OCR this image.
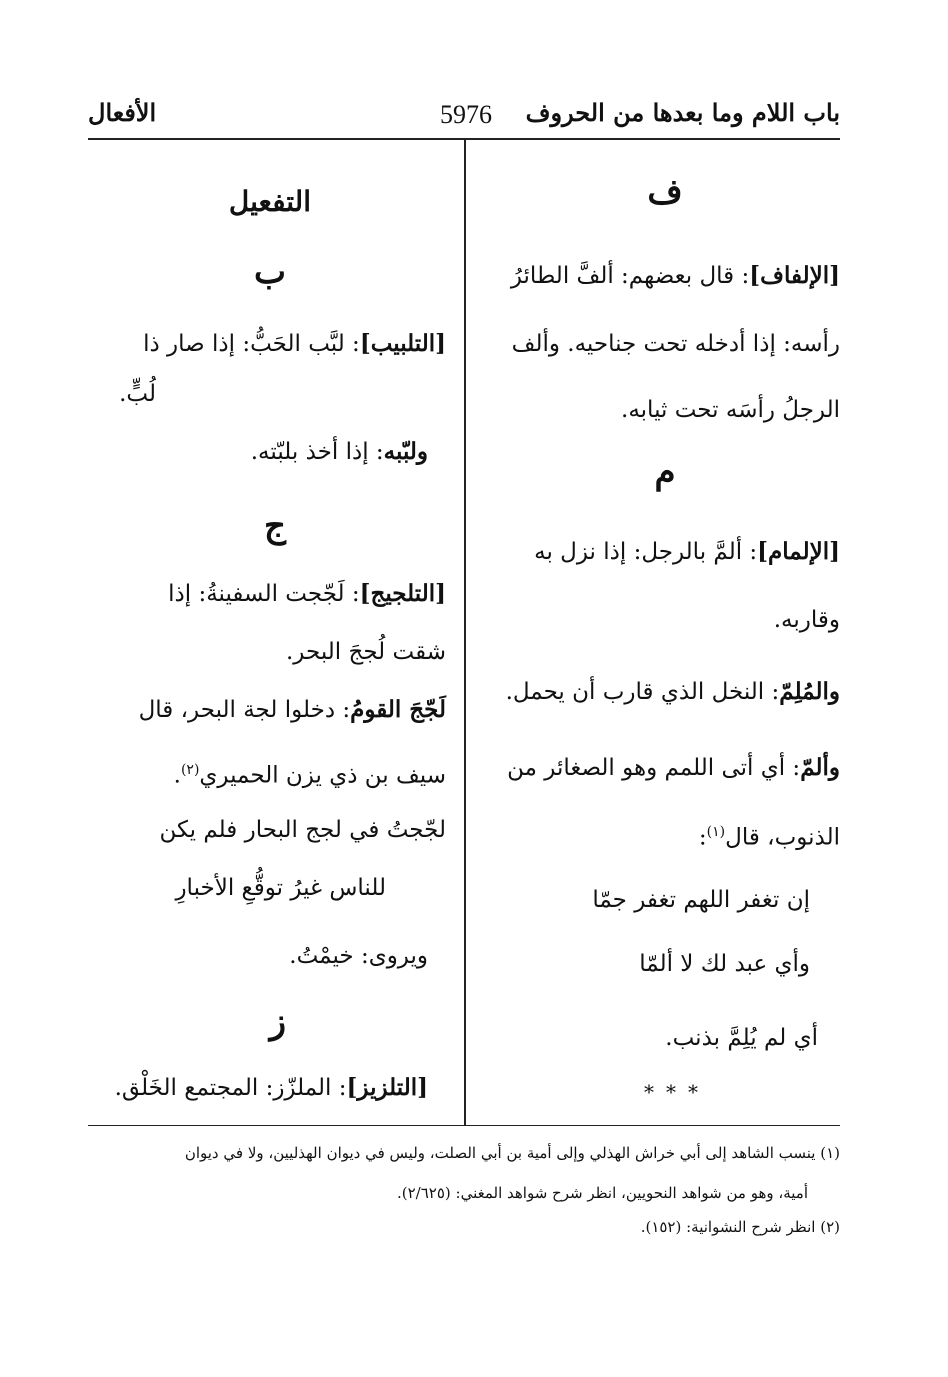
باب اللام وما بعدها من الحروف
5976
الأفعال
ف
[الإلفاف]: قال بعضهم: ألفَّ الطائرُ
رأسه: إذا أدخله تحت جناحيه. وألف
الرجلُ رأسَه تحت ثيابه.
م
[الإلمام]: ألمَّ بالرجل: إذا نزل به
وقاربه.
والمُلِمّ: النخل الذي قارب أن يحمل.
وألمّ: أي أتى اللمم وهو الصغائر من
الذنوب، قال$^{(١)}$:
إن تغفر اللهم تغفر جمّا
وأي عبد لك لا ألمّا
أي لم يُلِمَّ بذنب.
***
التفعيل
ب
[التلبيب]: لبَّب الحَبُّ: إذا صار ذا
لُبٍّ.
ولبّبه: إذا أخذ بلبّته.
ج
[التلجيج]: لَجّجت السفينةُ: إذا
شقت لُججَ البحر.
لَجّجَ القومُ: دخلوا لجة البحر، قال
سيف بن ذي يزن الحميري$^{(٢)}$.
لجّجتُ في لجج البحار فلم يكن
للناس غيرُ توقُّعِ الأخبارِ
ويروى: خيمْتُ.
ز
[التلزيز]: الملزّز: المجتمع الخَلْق.
(١) ينسب الشاهد إلى أبي خراش الهذلي وإلى أمية بن أبي الصلت، وليس في ديوان الهذليين، ولا في ديوان
أمية، وهو من شواهد النحويين، انظر شرح شواهد المغني: (٢/٦٢٥).
(٢) انظر شرح النشوانية: (١٥٢).
